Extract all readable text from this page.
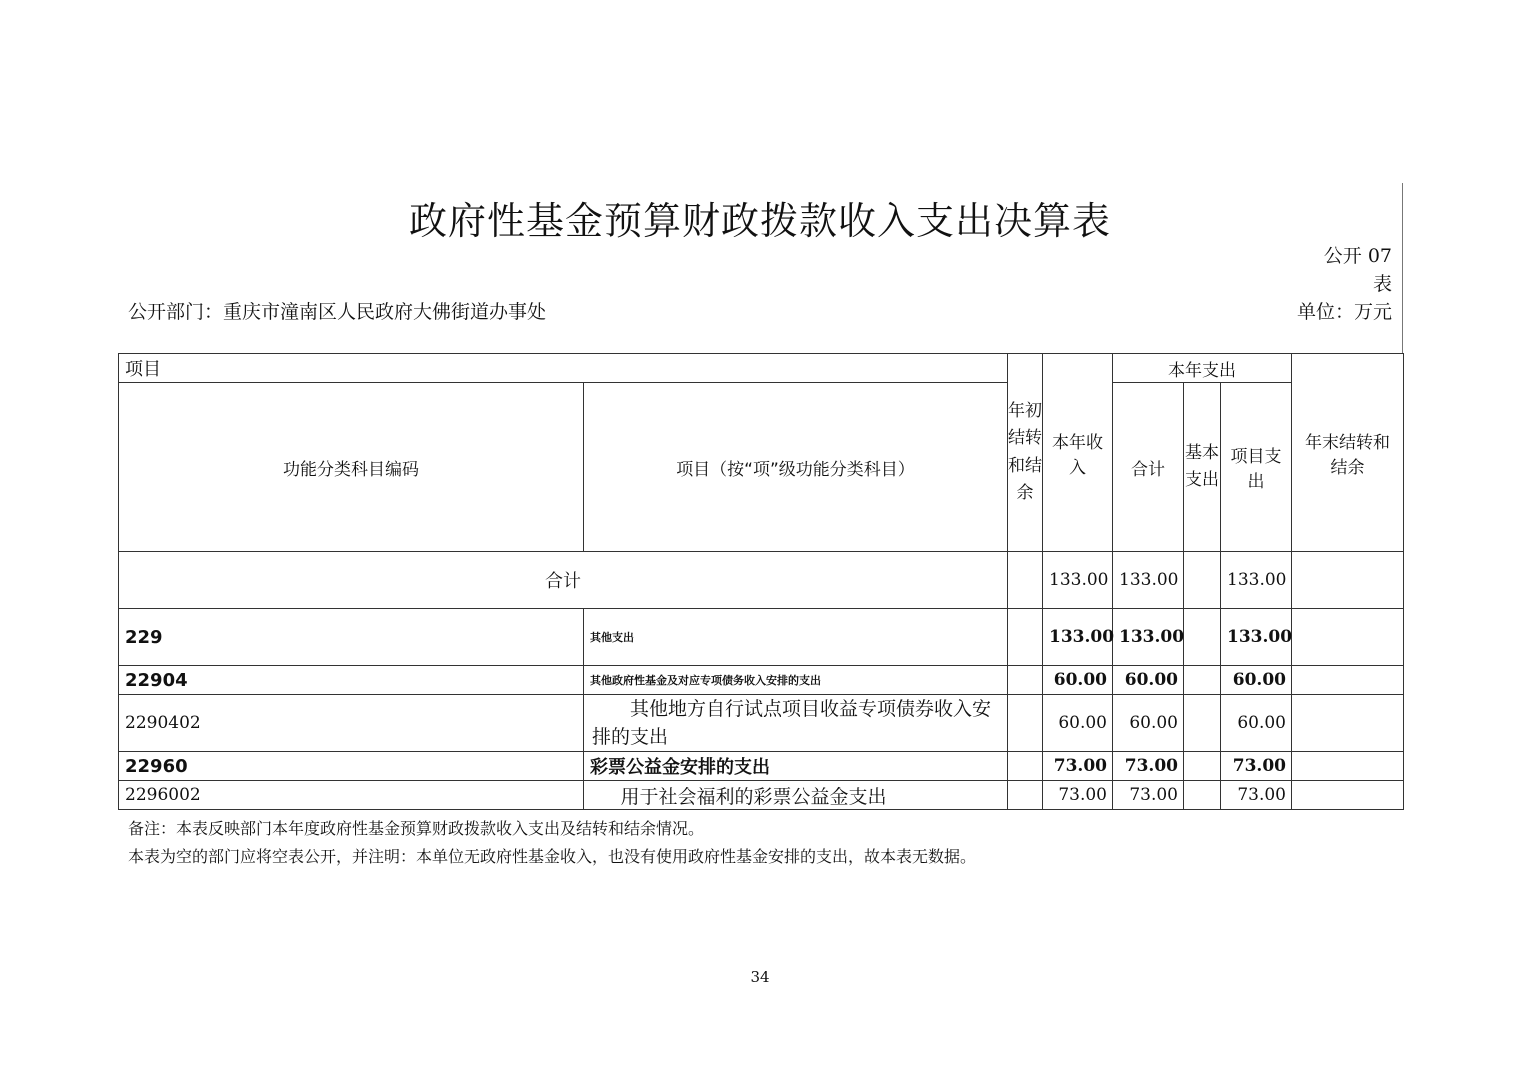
政府性基金预算财政拨款收入支出决算表
公开 07 表
公开部门：重庆市潼南区人民政府大佛街道办事处	单位：万元
项目		年初结转和结余	本年收入	本年支出			年末结转和结余
功能分类科目编码	项目（按“项”级功能分类科目）			合计	基本支出	项目支出	
合计			133.00	133.00		133.00	
229	其他支出		133.00	133.00		133.00	
22904	其他政府性基金及对应专项债务收入安排的支出		60.00	60.00		60.00	
2290402	其他地方自行试点项目收益专项债券收入安排的支出		60.00	60.00		60.00	
22960	彩票公益金安排的支出		73.00	73.00		73.00	
2296002	用于社会福利的彩票公益金支出		73.00	73.00		73.00	
备注：本表反映部门本年度政府性基金预算财政拨款收入支出及结转和结余情况。
本表为空的部门应将空表公开，并注明：本单位无政府性基金收入，也没有使用政府性基金安排的支出，故本表无数据。
34
